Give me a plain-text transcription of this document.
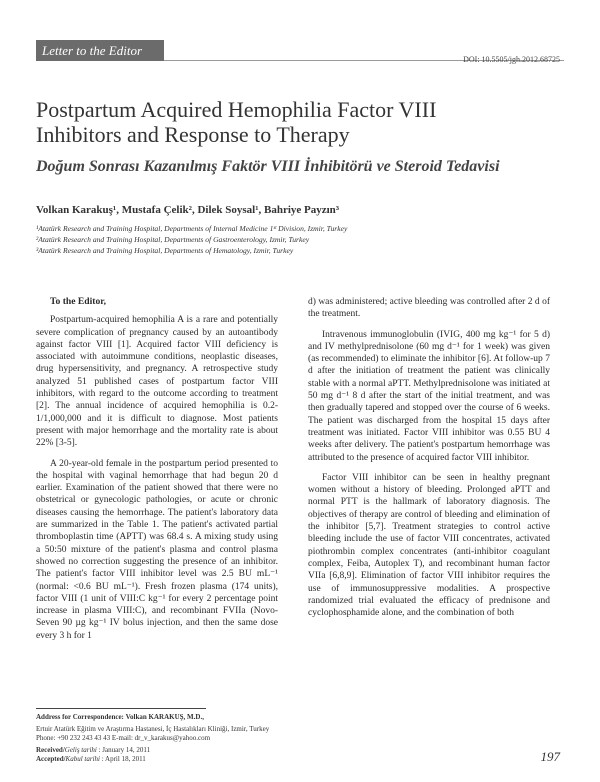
Letter to the Editor
DOI: 10.5505/jgh.2012.68725
Postpartum Acquired Hemophilia Factor VIII
Inhibitors and Response to Therapy
Doğum Sonrası Kazanılmış Faktör VIII İnhibitörü ve Steroid Tedavisi
Volkan Karakuş¹, Mustafa Çelik², Dilek Soysal¹, Bahriye Payzın³
¹Atatürk Research and Training Hospital, Departments of Internal Medicine 1ˢᵗ Division, Izmir, Turkey
²Atatürk Research and Training Hospital, Departments of Gastroenterology, Izmir, Turkey
³Atatürk Research and Training Hospital, Departments of Hematology, Izmir, Turkey
To the Editor,

Postpartum-acquired hemophilia A is a rare and potentially severe complication of pregnancy caused by an autoantibody against factor VIII [1]. Acquired factor VIII deficiency is associated with autoimmune conditions, neoplastic diseases, drug hypersensitivity, and pregnancy. A retrospective study analyzed 51 published cases of postpartum factor VIII inhibitors, with regard to the outcome according to treatment [2]. The annual incidence of acquired hemophilia is 0.2-1/1,000,000 and it is difficult to diagnose. Most patients present with major hemorrhage and the mortality rate is about 22% [3-5].

A 20-year-old female in the postpartum period presented to the hospital with vaginal hemorrhage that had begun 20 d earlier. Examination of the patient showed that there were no obstetrical or gynecologic pathologies, or acute or chronic diseases causing the hemorrhage. The patient's laboratory data are summarized in the Table 1. The patient's activated partial thromboplastin time (APTT) was 68.4 s. A mixing study using a 50:50 mixture of the patient's plasma and control plasma showed no correction suggesting the presence of an inhibitor. The patient's factor VIII inhibitor level was 2.5 BU mL⁻¹ (normal: <0.6 BU mL⁻¹). Fresh frozen plasma (174 units), factor VIII (1 unit of VIII:C kg⁻¹ for every 2 percentage point increase in plasma VIII:C), and recombinant FVIIa (Novo-Seven 90 µg kg⁻¹ IV bolus injection, and then the same dose every 3 h for 1

d) was administered; active bleeding was controlled after 2 d of the treatment.

Intravenous immunoglobulin (IVIG, 400 mg kg⁻¹ for 5 d) and IV methylprednisolone (60 mg d⁻¹ for 1 week) was given (as recommended) to eliminate the inhibitor [6]. At follow-up 7 d after the initiation of treatment the patient was clinically stable with a normal aPTT. Methylprednisolone was initiated at 50 mg d⁻¹ 8 d after the start of the initial treatment, and was then gradually tapered and stopped over the course of 6 weeks. The patient was discharged from the hospital 15 days after treatment was initiated. Factor VIII inhibitor was 0.55 BU 4 weeks after delivery. The patient's postpartum hemorrhage was attributed to the presence of acquired factor VIII inhibitor.

Factor VIII inhibitor can be seen in healthy pregnant women without a history of bleeding. Prolonged aPTT and normal PTT is the hallmark of laboratory diagnosis. The objectives of therapy are control of bleeding and elimination of the inhibitor [5,7]. Treatment strategies to control active bleeding include the use of factor VIII concentrates, activated piothrombin complex concentrates (anti-inhibitor coagulant complex, Feiba, Autoplex T), and recombinant human factor VIIa [6,8,9]. Elimination of factor VIII inhibitor requires the use of immunosuppressive modalities. A prospective randomized trial evaluated the efficacy of prednisone and cyclophosphamide alone, and the combination of both

Address for Correspondence: Volkan KARAKUŞ, M.D.,
Ertuir Atatürk Eğitim ve Araştırma Hastanesi, İç Hastalıkları Kliniği, Izmir, Turkey
Phone: +90 232 243 43 43 E-mail: dr_v_karakus@yahoo.com
Received/Geliş tarihi : January 14, 2011
Accepted/Kabul tarihi : April 18, 2011	197
